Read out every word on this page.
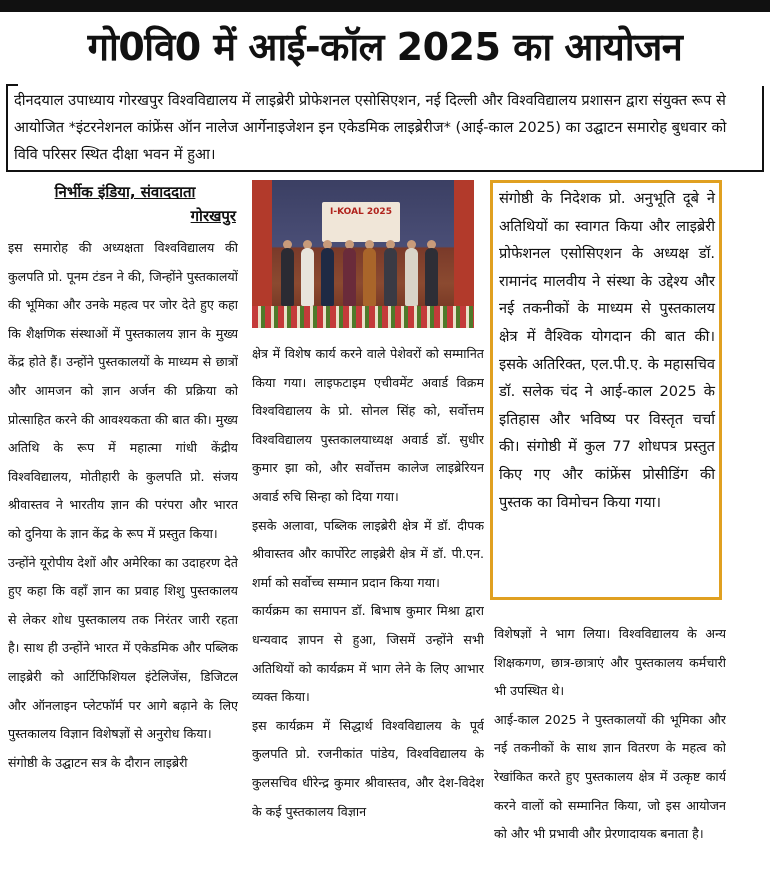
गो0वि0 में आई-कॉल 2025 का आयोजन

दीनदयाल उपाध्याय गोरखपुर विश्वविद्यालय में लाइब्रेरी प्रोफेशनल एसोसिएशन, नई दिल्ली और विश्वविद्यालय प्रशासन द्वारा संयुक्त रूप से आयोजित *इंटरनेशनल कांफ्रेंस ऑन नालेज आर्गेनाइजेशन इन एकेडमिक लाइब्रेरीज* (आई-काल 2025) का उद्घाटन समारोह बुधवार को विवि परिसर स्थित दीक्षा भवन में हुआ।

निर्भीक इंडिया, संवाददाता
गोरखपुर

इस समारोह की अध्यक्षता विश्वविद्यालय की कुलपति प्रो. पूनम टंडन ने की, जिन्होंने पुस्तकालयों की भूमिका और उनके महत्व पर जोर देते हुए कहा कि शैक्षणिक संस्थाओं में पुस्तकालय ज्ञान के मुख्य केंद्र होते हैं। उन्होंने पुस्तकालयों के माध्यम से छात्रों और आमजन को ज्ञान अर्जन की प्रक्रिया को प्रोत्साहित करने की आवश्यकता की बात की। मुख्य अतिथि के रूप में महात्मा गांधी केंद्रीय विश्वविद्यालय, मोतीहारी के कुलपति प्रो. संजय श्रीवास्तव ने भारतीय ज्ञान की परंपरा और भारत को दुनिया के ज्ञान केंद्र के रूप में प्रस्तुत किया।

उन्होंने यूरोपीय देशों और अमेरिका का उदाहरण देते हुए कहा कि वहाँ ज्ञान का प्रवाह शिशु पुस्तकालय से लेकर शोध पुस्तकालय तक निरंतर जारी रहता है। साथ ही उन्होंने भारत में एकेडमिक और पब्लिक लाइब्रेरी को आर्टिफिशियल इंटेलिजेंस, डिजिटल और ऑनलाइन प्लेटफॉर्म पर आगे बढ़ाने के लिए पुस्तकालय विज्ञान विशेषज्ञों से अनुरोध किया।

संगोष्ठी के उद्घाटन सत्र के दौरान लाइब्रेरी

I-KOAL 2025

क्षेत्र में विशेष कार्य करने वाले पेशेवरों को सम्मानित किया गया। लाइफटाइम एचीवमेंट अवार्ड विक्रम विश्वविद्यालय के प्रो. सोनल सिंह को, सर्वोत्तम विश्वविद्यालय पुस्तकालयाध्यक्ष अवार्ड डॉ. सुधीर कुमार झा को, और सर्वोत्तम कालेज लाइब्रेरियन अवार्ड रुचि सिन्हा को दिया गया।

इसके अलावा, पब्लिक लाइब्रेरी क्षेत्र में डॉ. दीपक श्रीवास्तव और कार्पोरेट लाइब्रेरी क्षेत्र में डॉ. पी.एन. शर्मा को सर्वोच्च सम्मान प्रदान किया गया।

कार्यक्रम का समापन डॉ. बिभाष कुमार मिश्रा द्वारा धन्यवाद ज्ञापन से हुआ, जिसमें उन्होंने सभी अतिथियों को कार्यक्रम में भाग लेने के लिए आभार व्यक्त किया।

इस कार्यक्रम में सिद्धार्थ विश्वविद्यालय के पूर्व कुलपति प्रो. रजनीकांत पांडेय, विश्वविद्यालय के कुलसचिव धीरेन्द्र कुमार श्रीवास्तव, और देश-विदेश के कई पुस्तकालय विज्ञान

संगोष्ठी के निदेशक प्रो. अनुभूति दूबे ने अतिथियों का स्वागत किया और लाइब्रेरी प्रोफेशनल एसोसिएशन के अध्यक्ष डॉ. रामानंद मालवीय ने संस्था के उद्देश्य और नई तकनीकों के माध्यम से पुस्तकालय क्षेत्र में वैश्विक योगदान की बात की। इसके अतिरिक्त, एल.पी.ए. के महासचिव डॉ. सलेक चंद ने आई-काल 2025 के इतिहास और भविष्य पर विस्तृत चर्चा की। संगोष्ठी में कुल 77 शोधपत्र प्रस्तुत किए गए और कांफ्रेंस प्रोसीडिंग की पुस्तक का विमोचन किया गया।

विशेषज्ञों ने भाग लिया। विश्वविद्यालय के अन्य शिक्षकगण, छात्र-छात्राएं और पुस्तकालय कर्मचारी भी उपस्थित थे।

आई-काल 2025 ने पुस्तकालयों की भूमिका और नई तकनीकों के साथ ज्ञान वितरण के महत्व को रेखांकित करते हुए पुस्तकालय क्षेत्र में उत्कृष्ट कार्य करने वालों को सम्मानित किया, जो इस आयोजन को और भी प्रभावी और प्रेरणादायक बनाता है।
